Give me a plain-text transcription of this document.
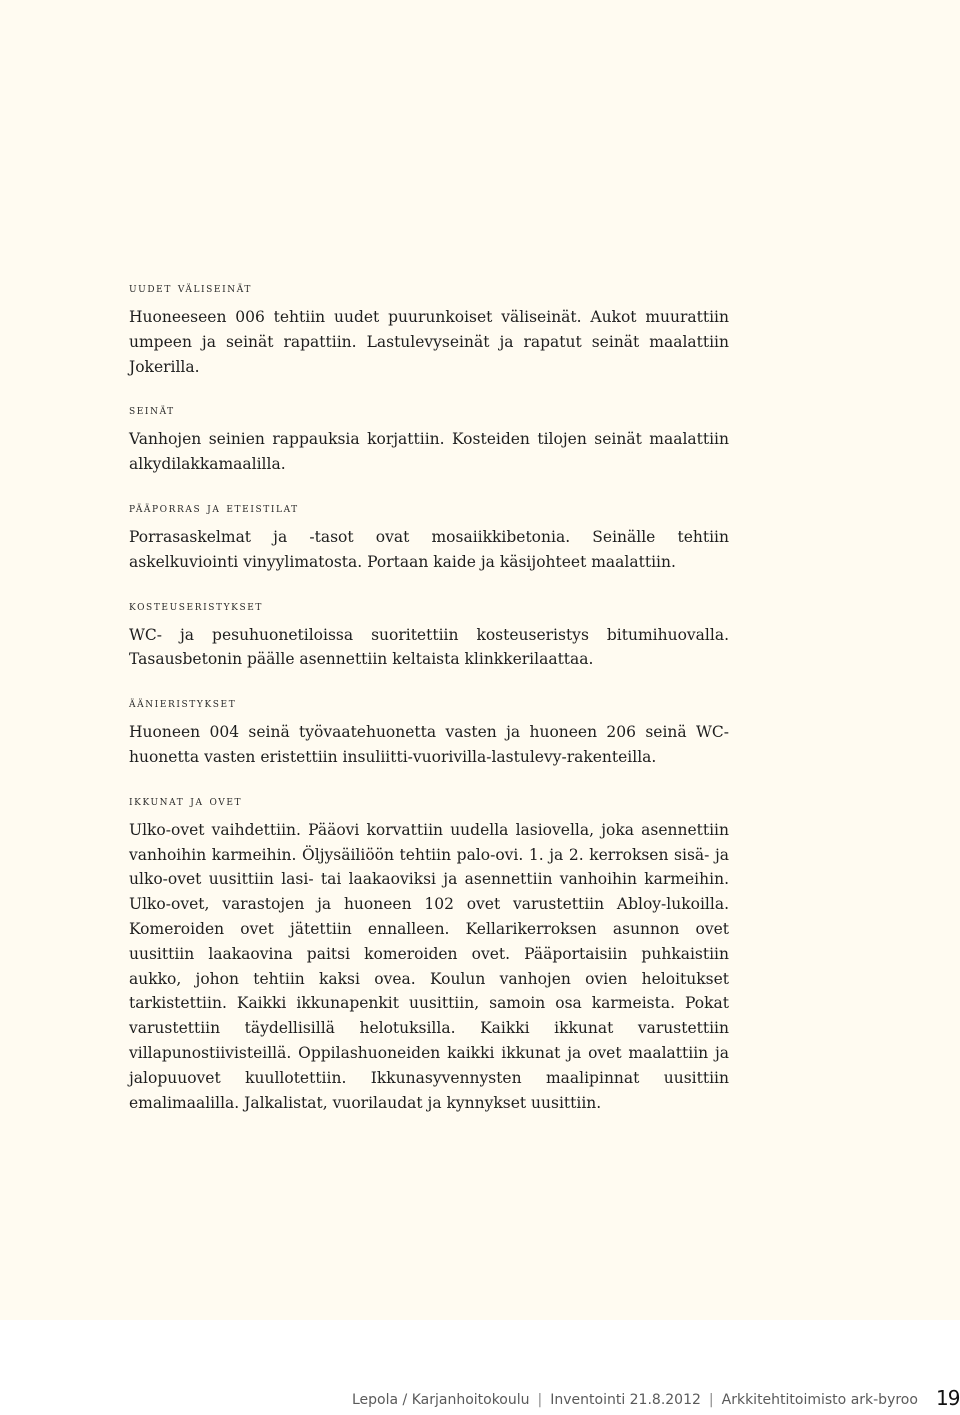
uudet väliseinät

Huoneeseen 006 tehtiin uudet puurunkoiset väliseinät. Aukot muurattiin umpeen ja seinät rapattiin. Lastulevyseinät ja rapatut seinät maalattiin Jokerilla.

seinät

Vanhojen seinien rappauksia korjattiin. Kosteiden tilojen seinät maalattiin alkydilakkamaalilla.

pääporras ja eteistilat

Porrasaskelmat ja -tasot ovat mosaiikkibetonia. Seinälle tehtiin askelkuviointi vinyylimatosta. Portaan kaide ja käsijohteet maalattiin.

kosteuseristykset

WC- ja pesuhuonetiloissa suoritettiin kosteuseristys bitumihuovalla. Tasausbetonin päälle asennettiin keltaista klinkkerilaattaa.

äänieristykset

Huoneen 004 seinä työvaatehuonetta vasten ja huoneen 206 seinä WC-huonetta vasten eristettiin insuliitti-vuorivilla-lastulevy-rakenteilla.

ikkunat ja ovet

Ulko-ovet vaihdettiin. Pääovi korvattiin uudella lasiovella, joka asennettiin vanhoihin karmeihin. Öljysäiliöön tehtiin palo-ovi. 1. ja 2. kerroksen sisä- ja ulko-ovet uusittiin lasi- tai laakaoviksi ja asennettiin vanhoihin karmeihin. Ulko-ovet, varastojen ja huoneen 102 ovet varustettiin Abloy-lukoilla. Komeroiden ovet jätettiin ennalleen. Kellarikerroksen asunnon ovet uusittiin laakaovina paitsi komeroiden ovet. Pääportaisiin puhkaistiin aukko, johon tehtiin kaksi ovea. Koulun vanhojen ovien heloitukset tarkistettiin. Kaikki ikkunapenkit uusittiin, samoin osa karmeista. Pokat varustettiin täydellisillä helotuksilla. Kaikki ikkunat varustettiin villapunostiivisteillä. Oppilashuoneiden kaikki ikkunat ja ovet maalattiin ja jalopuuovet kuullotettiin. Ikkunasyvennysten maalipinnat uusittiin emalimaalilla. Jalkalistat, vuorilaudat ja kynnykset uusittiin.

Lepola / Karjanhoitokoulu | Inventointi 21.8.2012 | Arkkitehtitoimisto ark-byroo 19
